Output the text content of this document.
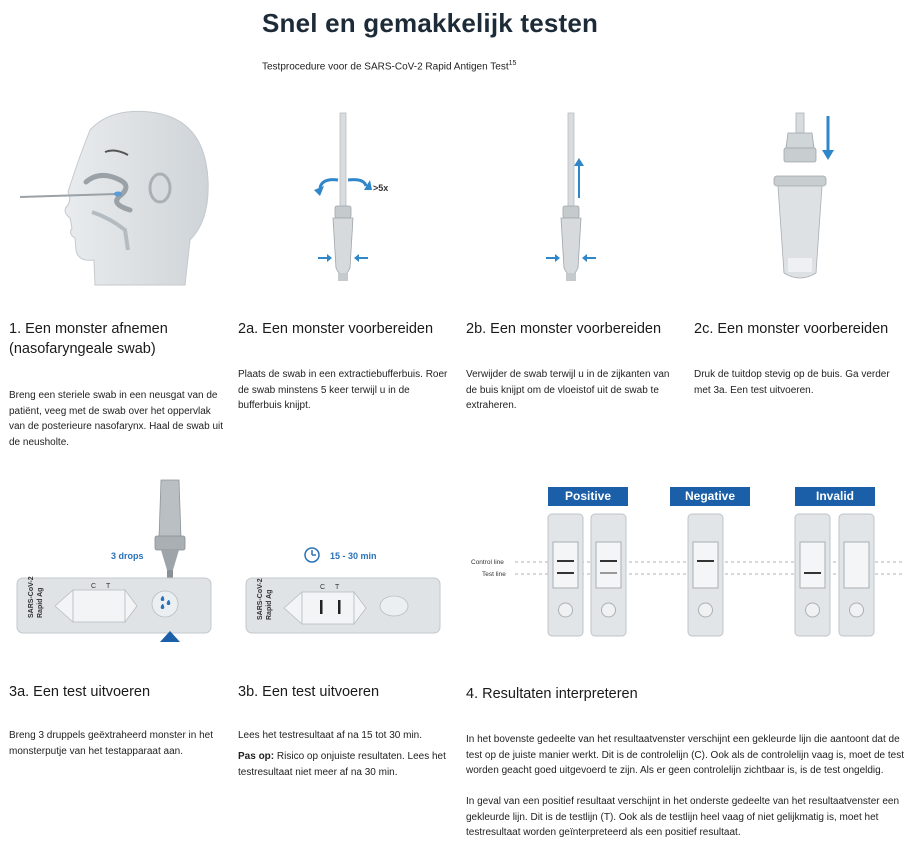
Snel en gemakkelijk testen
Testprocedure voor de SARS-CoV-2 Rapid Antigen Test$^{15}$
>5x
1. Een monster afnemen (nasofaryngeale swab)
Breng een steriele swab in een neusgat van de patiënt, veeg met de swab over het oppervlak van de posterieure nasofarynx. Haal de swab uit de neusholte.
2a. Een monster voorbereiden
Plaats de swab in een extractiebufferbuis. Roer de swab minstens 5 keer terwijl u in de bufferbuis knijpt.
2b. Een monster voorbereiden
Verwijder de swab terwijl u in de zijkanten van de buis knijpt om de vloeistof uit de swab te extraheren.
2c. Een monster voorbereiden
Druk de tuitdop stevig op de buis. Ga verder met 3a. Een test uitvoeren.
3 drops
SARS-CoV-2 Rapid Ag
C T
15 - 30 min
SARS-CoV-2 Rapid Ag
C T
Positive	Negative	Invalid
Control line
Test line
3a. Een test uitvoeren
Breng 3 druppels geëxtraheerd monster in het monsterputje van het testapparaat aan.
3b. Een test uitvoeren
Lees het testresultaat af na 15 tot 30 min.
Pas op: Risico op onjuiste resultaten. Lees het testresultaat niet meer af na 30 min.
4. Resultaten interpreteren
In het bovenste gedeelte van het resultaatvenster verschijnt een gekleurde lijn die aantoont dat de test op de juiste manier werkt. Dit is de controlelijn (C). Ook als de controlelijn vaag is, moet de test worden geacht goed uitgevoerd te zijn. Als er geen controlelijn zichtbaar is, is de test ongeldig.
In geval van een positief resultaat verschijnt in het onderste gedeelte van het resultaatvenster een gekleurde lijn. Dit is de testlijn (T). Ook als de testlijn heel vaag of niet gelijkmatig is, moet het testresultaat worden geïnterpreteerd als een positief resultaat.
